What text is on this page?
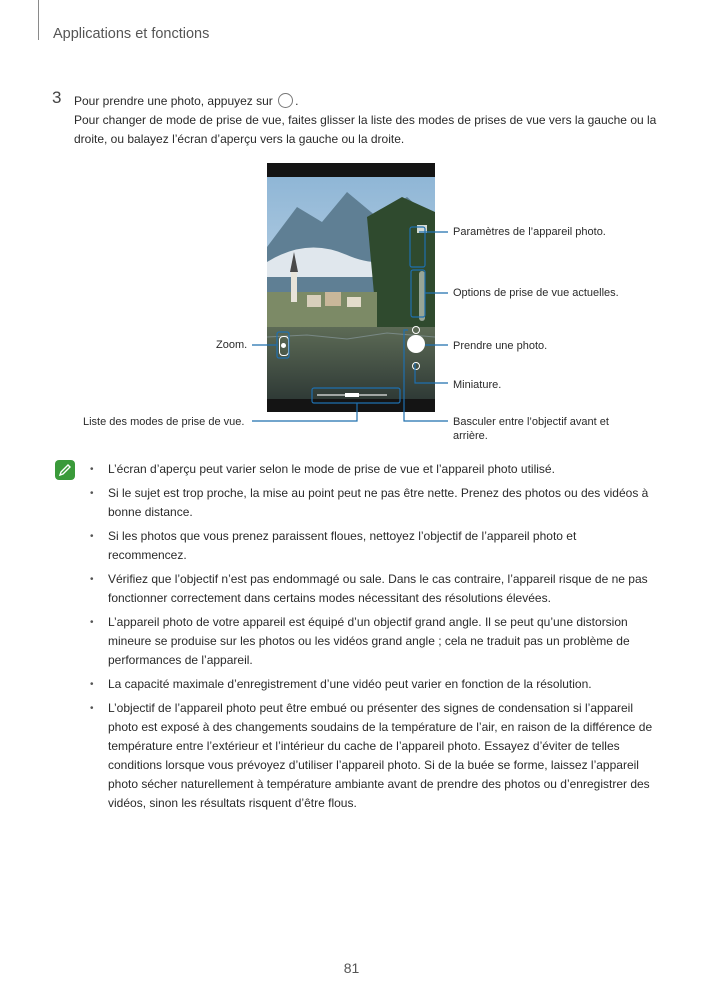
Applications et fonctions
3 Pour prendre une photo, appuyez sur .

Pour changer de mode de prise de vue, faites glisser la liste des modes de prises de vue vers la gauche ou la droite, ou balayez l’écran d’aperçu vers la gauche ou la droite.

Paramètres de l’appareil photo.
Options de prise de vue actuelles.
Zoom.	Prendre une photo.
Miniature.
Liste des modes de prise de vue.	Basculer entre l’objectif avant et arrière.
• L’écran d’aperçu peut varier selon le mode de prise de vue et l’appareil photo utilisé.
• Si le sujet est trop proche, la mise au point peut ne pas être nette. Prenez des photos ou des vidéos à bonne distance.
• Si les photos que vous prenez paraissent floues, nettoyez l’objectif de l’appareil photo et recommencez.
• Vérifiez que l’objectif n’est pas endommagé ou sale. Dans le cas contraire, l’appareil risque de ne pas fonctionner correctement dans certains modes nécessitant des résolutions élevées.
• L’appareil photo de votre appareil est équipé d’un objectif grand angle. Il se peut qu’une distorsion mineure se produise sur les photos ou les vidéos grand angle ; cela ne traduit pas un problème de performances de l’appareil.
• La capacité maximale d’enregistrement d’une vidéo peut varier en fonction de la résolution.
• L’objectif de l’appareil photo peut être embué ou présenter des signes de condensation si l’appareil photo est exposé à des changements soudains de la température de l’air, en raison de la différence de température entre l’extérieur et l’intérieur du cache de l’appareil photo. Essayez d’éviter de telles conditions lorsque vous prévoyez d’utiliser l’appareil photo. Si de la buée se forme, laissez l’appareil photo sécher naturellement à température ambiante avant de prendre des photos ou d’enregistrer des vidéos, sinon les résultats risquent d’être flous.
81
